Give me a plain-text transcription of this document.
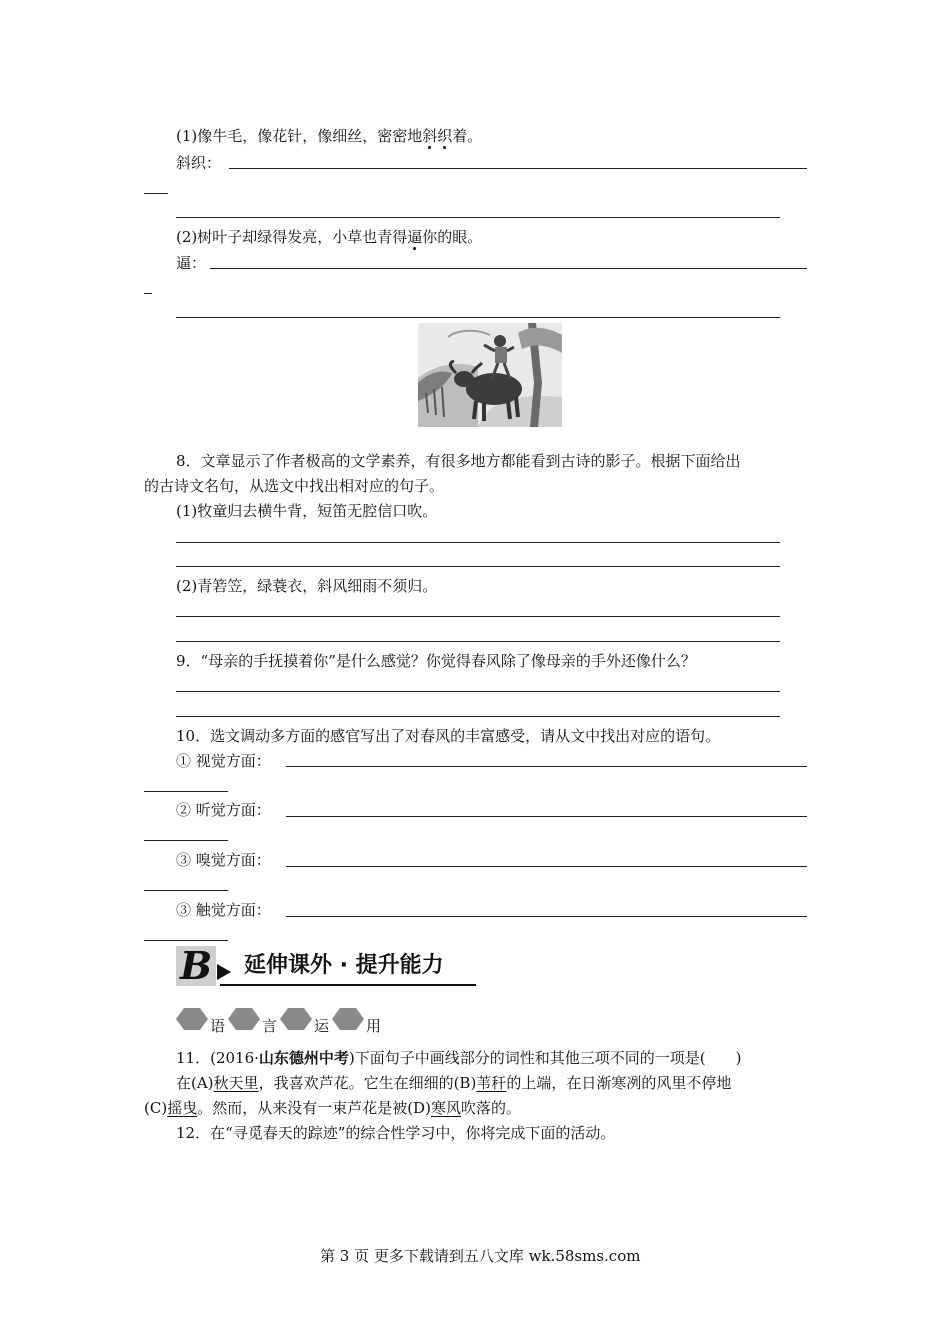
(1)像牛毛，像花针，像细丝，密密地斜织着。
斜织：
(2)树叶子却绿得发亮，小草也青得逼你的眼。
逼：
8．文章显示了作者极高的文学素养，有很多地方都能看到古诗的影子。根据下面给出
的古诗文名句，从选文中找出相对应的句子。
(1)牧童归去横牛背，短笛无腔信口吹。
(2)青箬笠，绿蓑衣，斜风细雨不须归。
9．“母亲的手抚摸着你”是什么感觉？你觉得春风除了像母亲的手外还像什么？
10．选文调动多方面的感官写出了对春风的丰富感受，请从文中找出对应的语句。
① 视觉方面：
② 听觉方面：
③ 嗅觉方面：
③ 触觉方面：
B 延伸课外 · 提升能力
语 言 运 用
11．(2016·山东德州中考)下面句子中画线部分的词性和其他三项不同的一项是(　　)
在(A)秋天里，我喜欢芦花。它生在细细的(B)苇秆的上端，在日渐寒冽的风里不停地
(C)摇曳。然而，从来没有一束芦花是被(D)寒风吹落的。
12．在“寻觅春天的踪迹”的综合性学习中，你将完成下面的活动。
第 3 页 更多下载请到五八文库 wk.58sms.com
